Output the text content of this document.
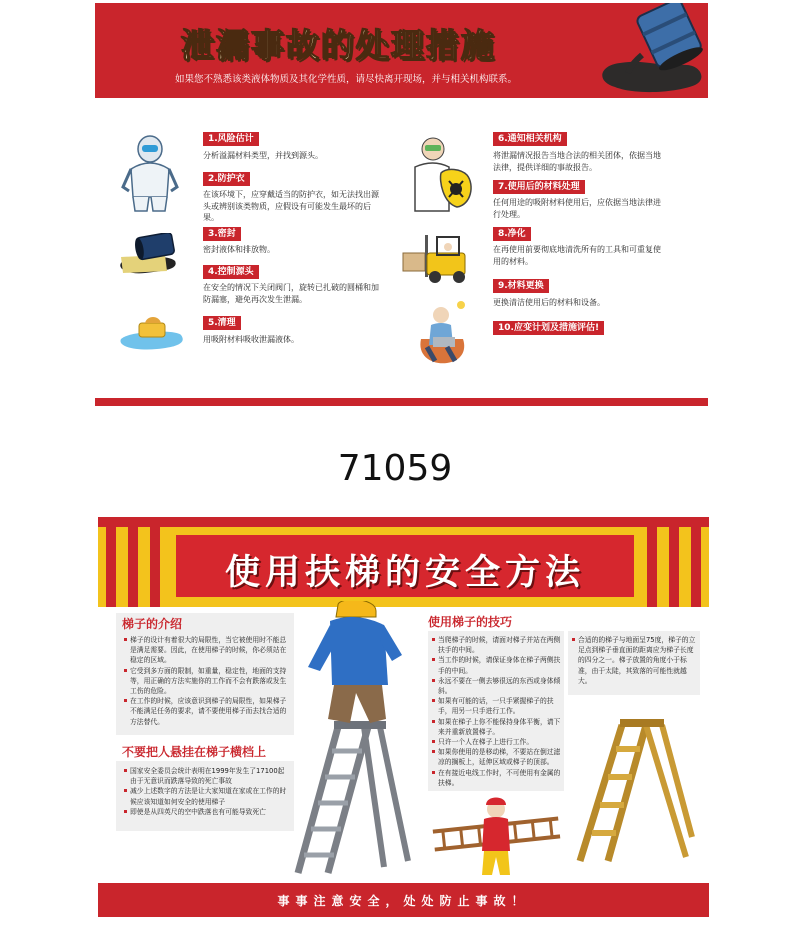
泄漏事故的处理措施
如果您不熟悉该类液体物质及其化学性质，请尽快离开现场，并与相关机构联系。
1.风险估计
分析溢漏材料类型，并找到源头。
2.防护衣
在该环境下，应穿戴适当的防护衣，如无法找出源头或辨别该类物质，应假设有可能发生最坏的后果。
3.密封
密封液体和排放物。
4.控制源头
在安全的情况下关闭阀门，旋转已扎破的圆桶和加防漏塞，避免再次发生泄漏。
5.清理
用吸附材料吸收泄漏液体。
6.通知相关机构
将泄漏情况报告当地合法的相关团体，依据当地法律，提供详细的事故报告。
7.使用后的材料处理
任何用途的吸附材料使用后，应依据当地法律进行处理。
8.净化
在再使用前要彻底地清洗所有的工具和可重复使用的材料。
9.材料更换
更换清洁使用后的材料和设备。
10.应变计划及措施评估!
71059
使用扶梯的安全方法
梯子的介绍
梯子的设计有着很大的局限性，当它被使用时不能总是满足需要。因此，在使用梯子的时候，你必须站在稳定的区域。
它受到多方面的限制，如重量，稳定性，地面的支持等，用正确的方法实施你的工作而不会有跌落或发生工伤的危险。
在工作的时候，应该意识到梯子的局限性，如果梯子不能满足任务的要求，请不要使用梯子而去找合适的方法替代。
不要把人悬挂在梯子横档上
国家安全委员会统计表明在1999年发生了17100起由于无意识而跌落导致的死亡事故
减少上述数字的方法是让大家知道在家或在工作的时候应该知道如何安全的使用梯子
即使是从四英尺的空中跌落也有可能导致死亡
使用梯子的技巧
当爬梯子的时候，请面对梯子并站在两侧扶手的中间。
当工作的时候，请保证身体在梯子两侧扶手的中间。
永远不要在一侧去够很远的东西或身体倾斜。
如果有可能的话，一只手紧握梯子的扶手，用另一只手进行工作。
如果在梯子上你不能保持身体平衡，请下来并重新放置梯子。
只许一个人在梯子上进行工作。
如果你使用的是移动梯，不要站在倒过滤凉的搁板上，延伸区域或梯子的顶部。
在有接近电线工作时，不可使用有金属的扶梯。
合适的的梯子与地面呈75度，梯子的立足点到梯子垂直面的距离应为梯子长度的四分之一。梯子放置的角度小于标准，由于太陡，其致落的可能性就越大。
事事注意安全，处处防止事故！
